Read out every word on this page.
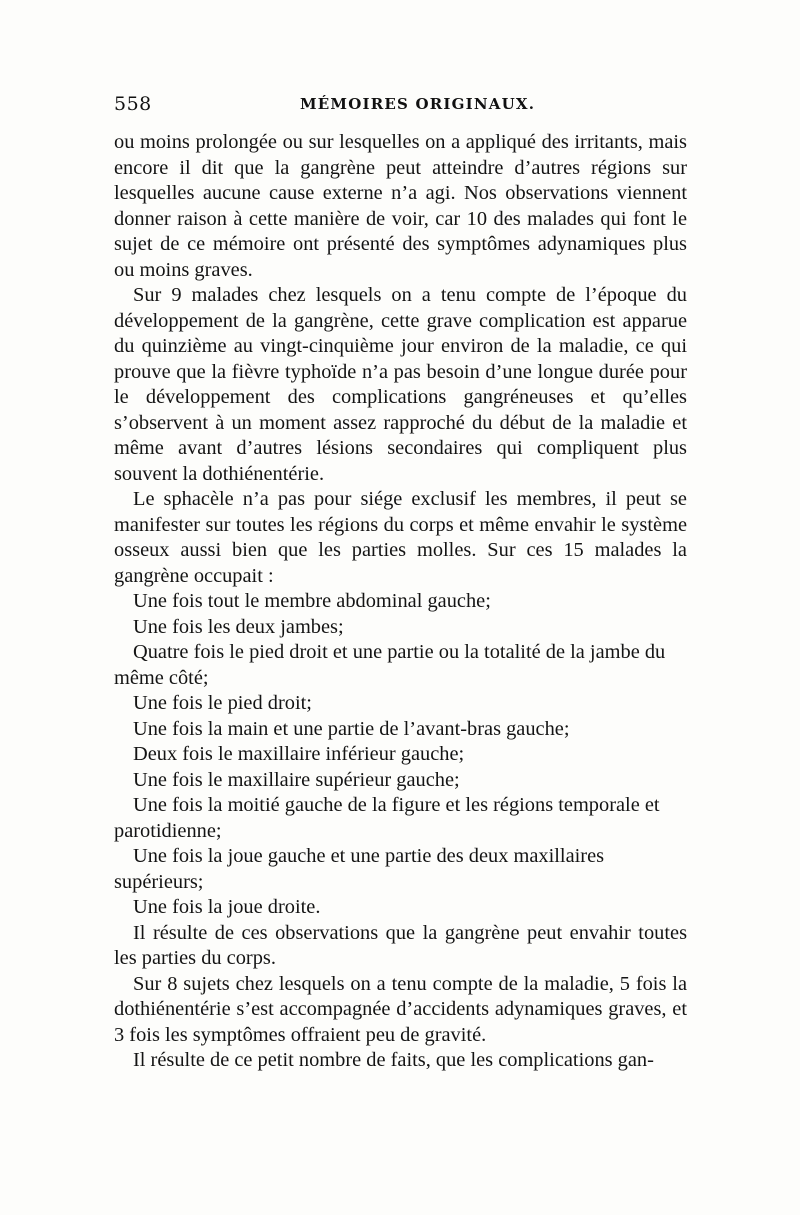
558	MÉMOIRES ORIGINAUX.

ou moins prolongée ou sur lesquelles on a appliqué des irritants, mais encore il dit que la gangrène peut atteindre d’autres régions sur lesquelles aucune cause externe n’a agi. Nos observations viennent donner raison à cette manière de voir, car 10 des malades qui font le sujet de ce mémoire ont présenté des symptômes adynamiques plus ou moins graves.

Sur 9 malades chez lesquels on a tenu compte de l’époque du développement de la gangrène, cette grave complication est apparue du quinzième au vingt-cinquième jour environ de la maladie, ce qui prouve que la fièvre typhoïde n’a pas besoin d’une longue durée pour le développement des complications gangréneuses et qu’elles s’observent à un moment assez rapproché du début de la maladie et même avant d’autres lésions secondaires qui compliquent plus souvent la dothiénentérie.

Le sphacèle n’a pas pour siége exclusif les membres, il peut se manifester sur toutes les régions du corps et même envahir le système osseux aussi bien que les parties molles. Sur ces 15 malades la gangrène occupait :

Une fois tout le membre abdominal gauche;

Une fois les deux jambes;

Quatre fois le pied droit et une partie ou la totalité de la jambe du même côté;

Une fois le pied droit;

Une fois la main et une partie de l’avant-bras gauche;

Deux fois le maxillaire inférieur gauche;

Une fois le maxillaire supérieur gauche;

Une fois la moitié gauche de la figure et les régions temporale et parotidienne;

Une fois la joue gauche et une partie des deux maxillaires supérieurs;

Une fois la joue droite.

Il résulte de ces observations que la gangrène peut envahir toutes les parties du corps.

Sur 8 sujets chez lesquels on a tenu compte de la maladie, 5 fois la dothiénentérie s’est accompagnée d’accidents adynamiques graves, et 3 fois les symptômes offraient peu de gravité.

Il résulte de ce petit nombre de faits, que les complications gan-
